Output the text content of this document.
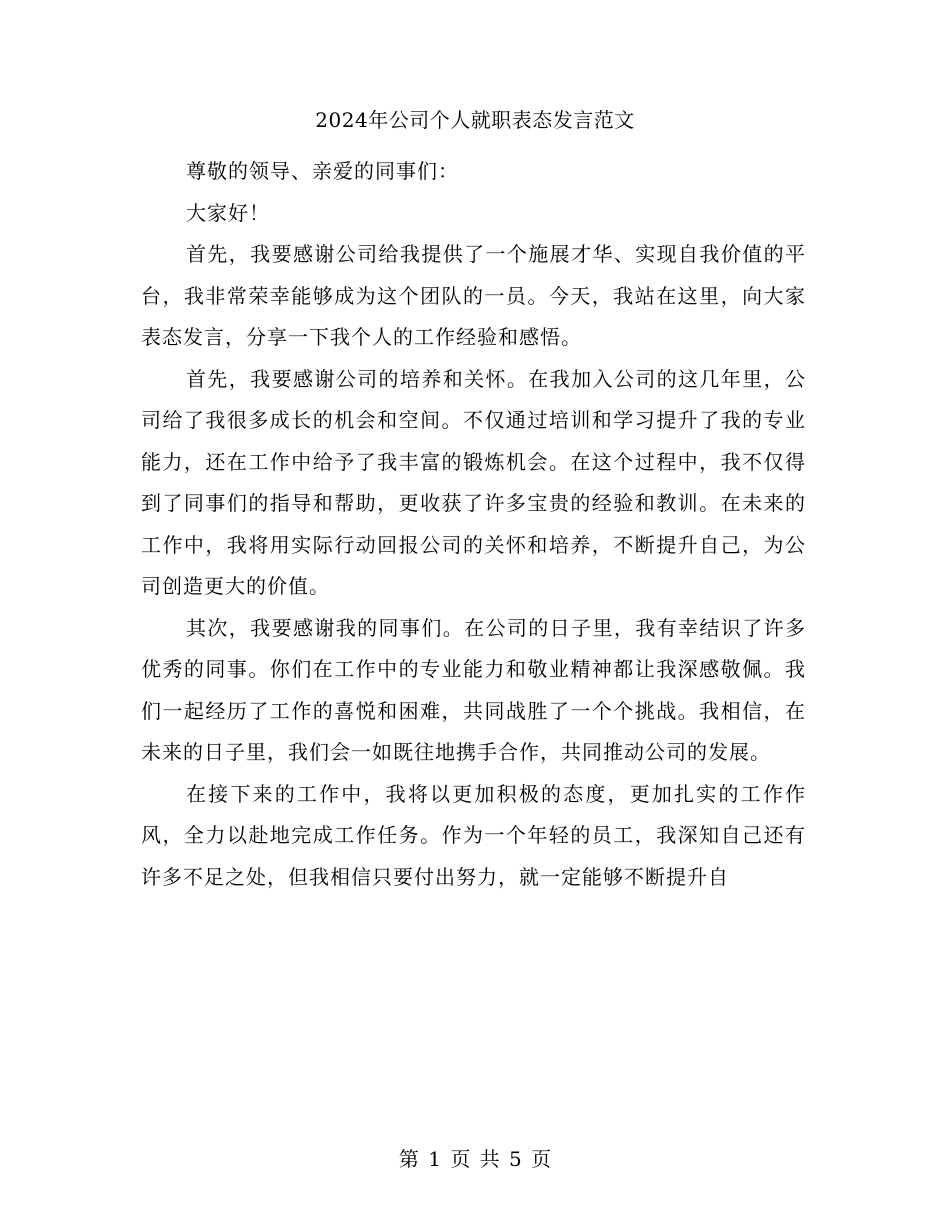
2024年公司个人就职表态发言范文

尊敬的领导、亲爱的同事们：

大家好！

首先，我要感谢公司给我提供了一个施展才华、实现自我价值的平台，我非常荣幸能够成为这个团队的一员。今天，我站在这里，向大家表态发言，分享一下我个人的工作经验和感悟。

首先，我要感谢公司的培养和关怀。在我加入公司的这几年里，公司给了我很多成长的机会和空间。不仅通过培训和学习提升了我的专业能力，还在工作中给予了我丰富的锻炼机会。在这个过程中，我不仅得到了同事们的指导和帮助，更收获了许多宝贵的经验和教训。在未来的工作中，我将用实际行动回报公司的关怀和培养，不断提升自己，为公司创造更大的价值。

其次，我要感谢我的同事们。在公司的日子里，我有幸结识了许多优秀的同事。你们在工作中的专业能力和敬业精神都让我深感敬佩。我们一起经历了工作的喜悦和困难，共同战胜了一个个挑战。我相信，在未来的日子里，我们会一如既往地携手合作，共同推动公司的发展。

在接下来的工作中，我将以更加积极的态度，更加扎实的工作作风，全力以赴地完成工作任务。作为一个年轻的员工，我深知自己还有许多不足之处，但我相信只要付出努力，就一定能够不断提升自

第 1 页 共 5 页
